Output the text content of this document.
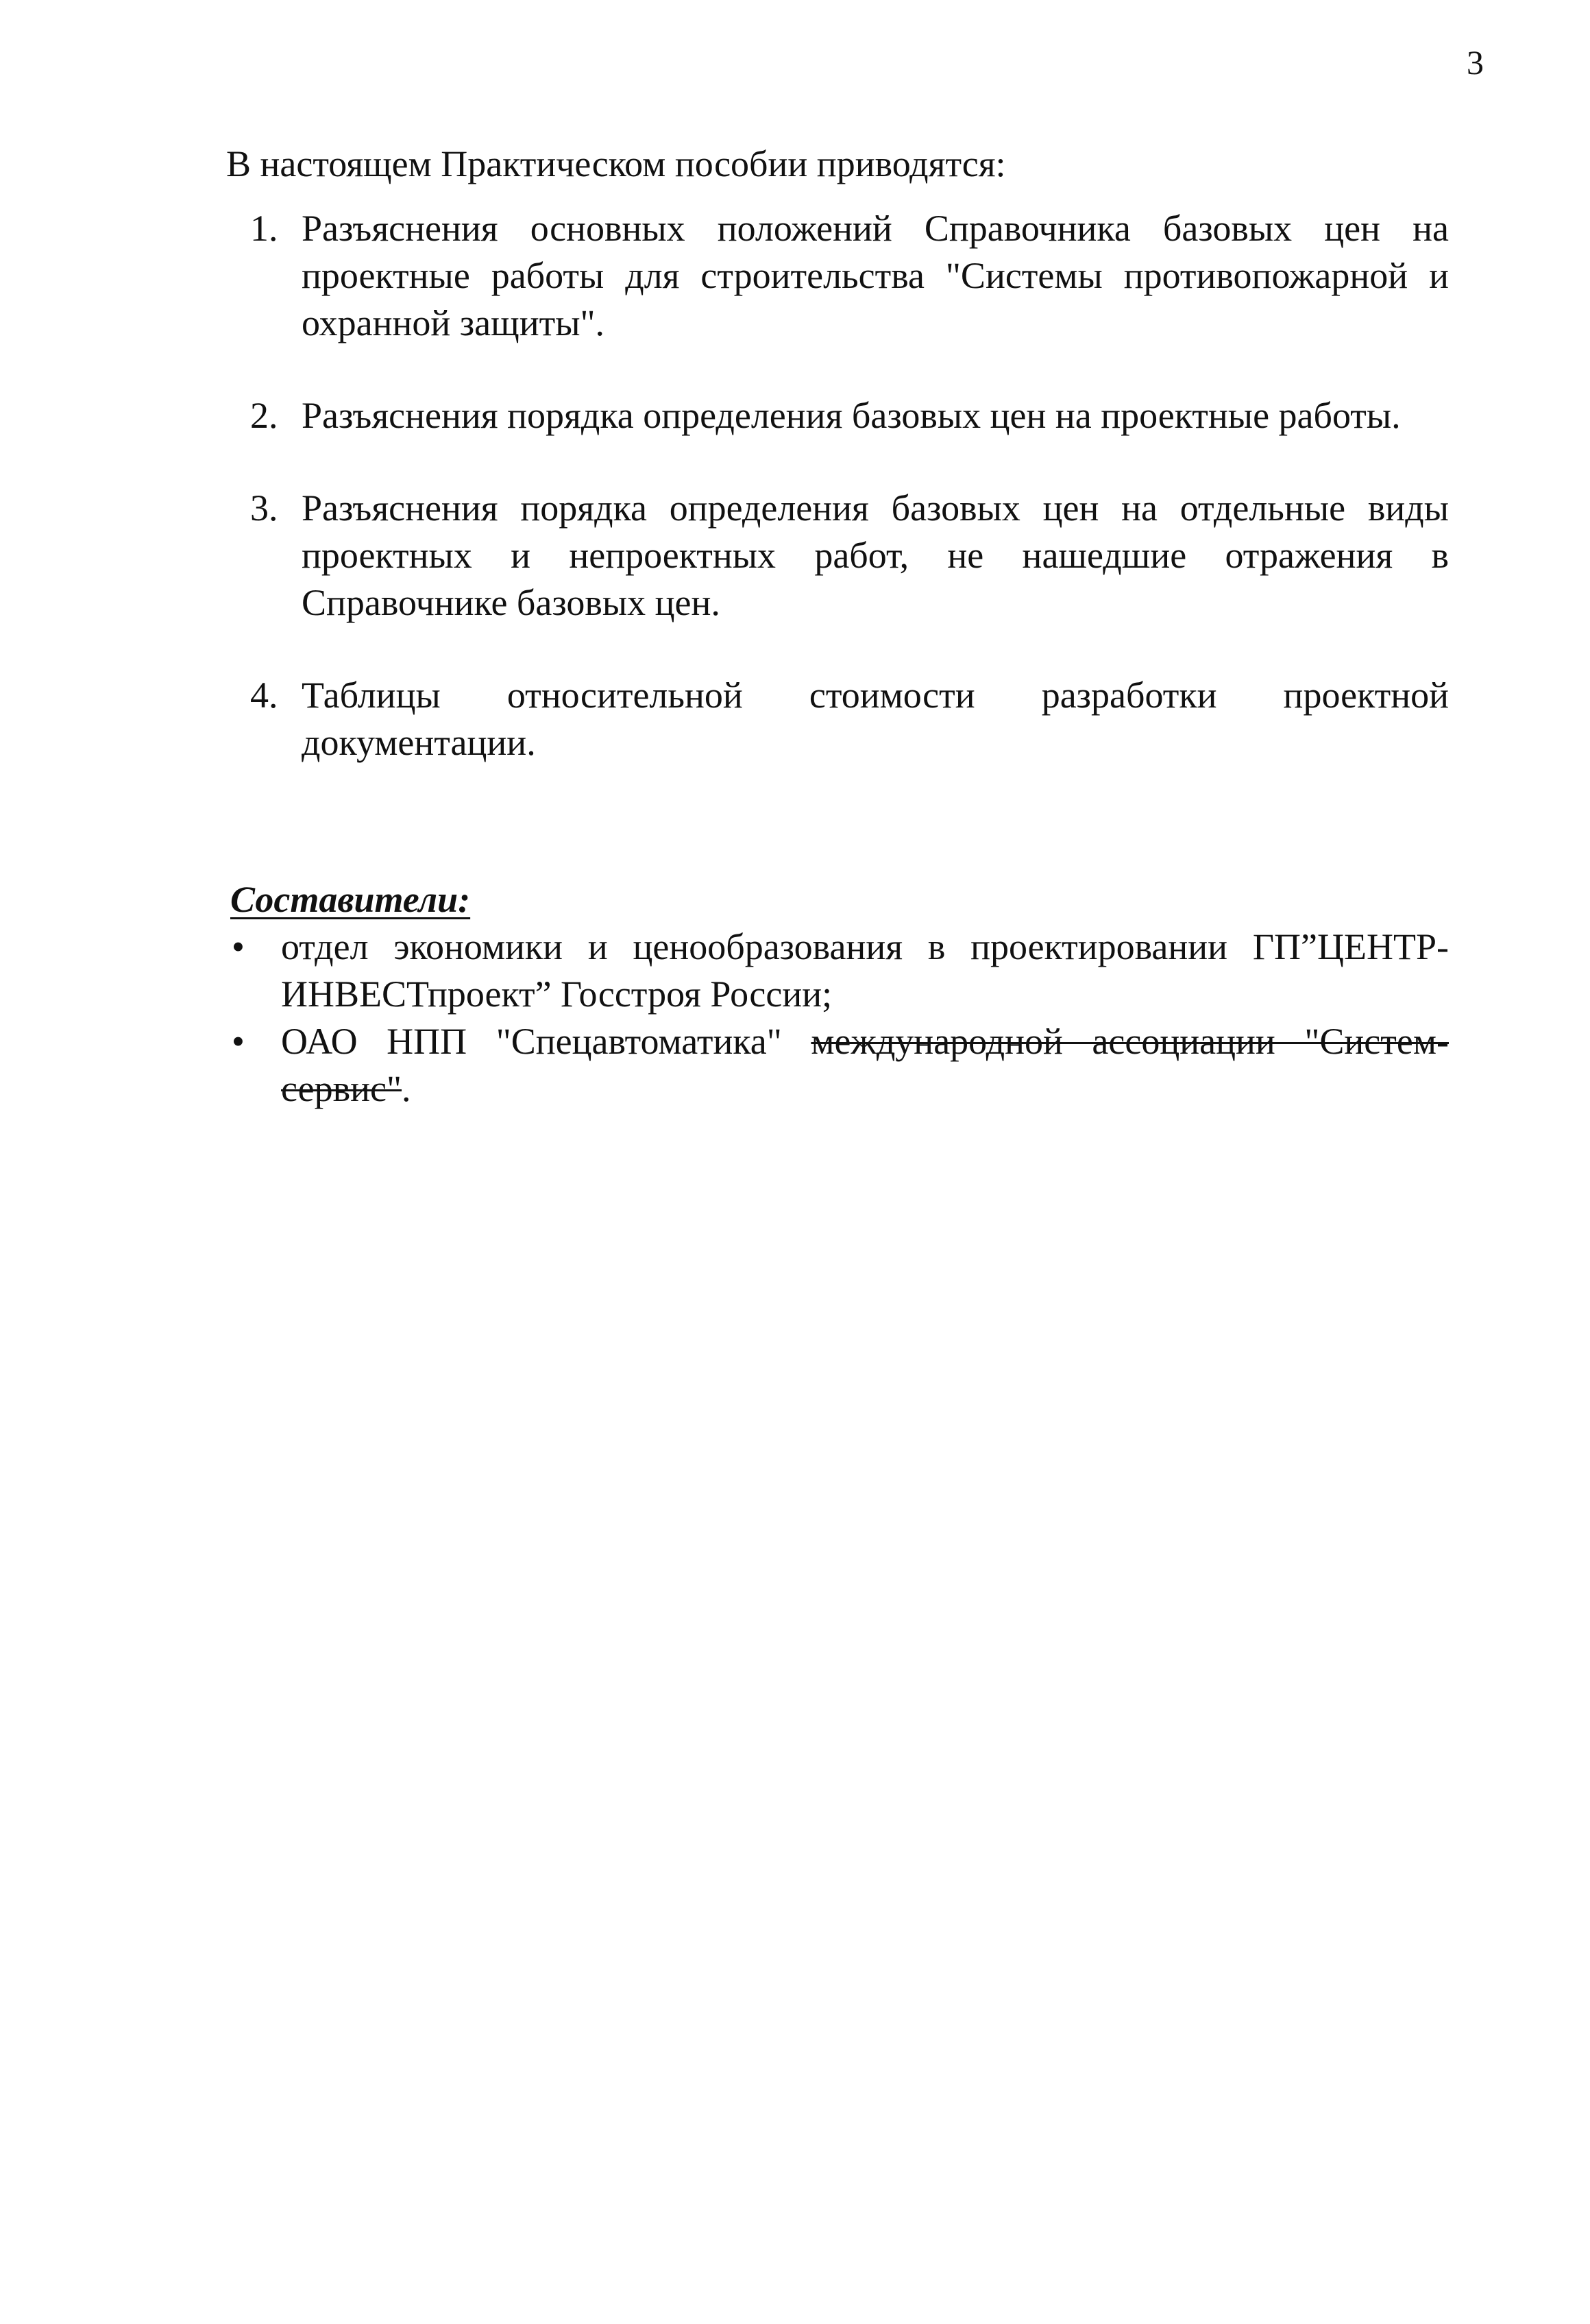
3

В настоящем Практическом пособии приводятся:

1. Разъяснения основных положений Справочника базовых цен на проектные работы для строительства "Системы противопожарной и охранной защиты".
2. Разъяснения порядка определения базовых цен на проектные работы.
3. Разъяснения порядка определения базовых цен на отдельные виды проектных и непроектных работ, не нашедшие отражения в Справочнике базовых цен.
4. Таблицы относительной стоимости разработки проектной документации.
Составители:
• отдел экономики и ценообразования в проектировании ГП”ЦЕНТР-ИНВЕСТпроект” Госстроя России;
• ОАО НПП "Спецавтоматика" международной ассоциации "Систем-сервис".
